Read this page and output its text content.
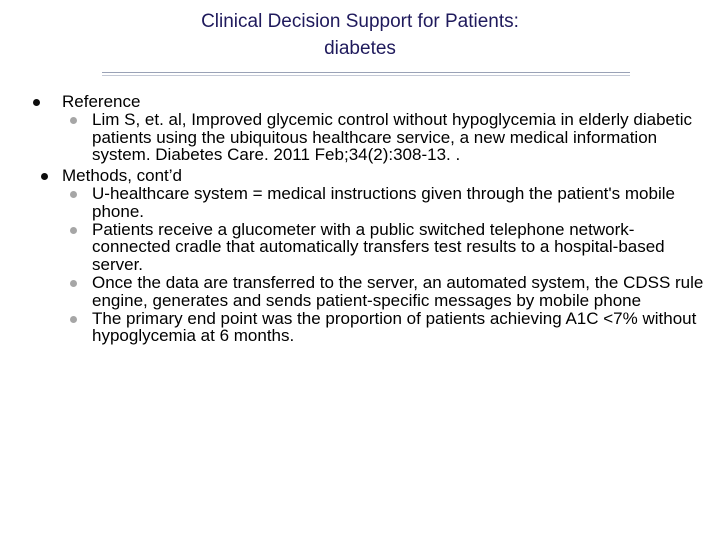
Clinical Decision Support for Patients:
diabetes
Reference
Lim S, et. al, Improved glycemic control without hypoglycemia in elderly diabetic patients using the ubiquitous healthcare service, a new medical information system. Diabetes Care. 2011 Feb;34(2):308-13. .
Methods, cont’d
U-healthcare system = medical instructions given through the patient's mobile phone.
Patients receive a glucometer with a public switched telephone network-connected cradle that automatically transfers test results to a hospital-based server.
Once the data are transferred to the server, an automated system, the CDSS rule engine, generates and sends patient-specific messages by mobile phone
The primary end point was the proportion of patients achieving A1C <7% without hypoglycemia at 6 months.
